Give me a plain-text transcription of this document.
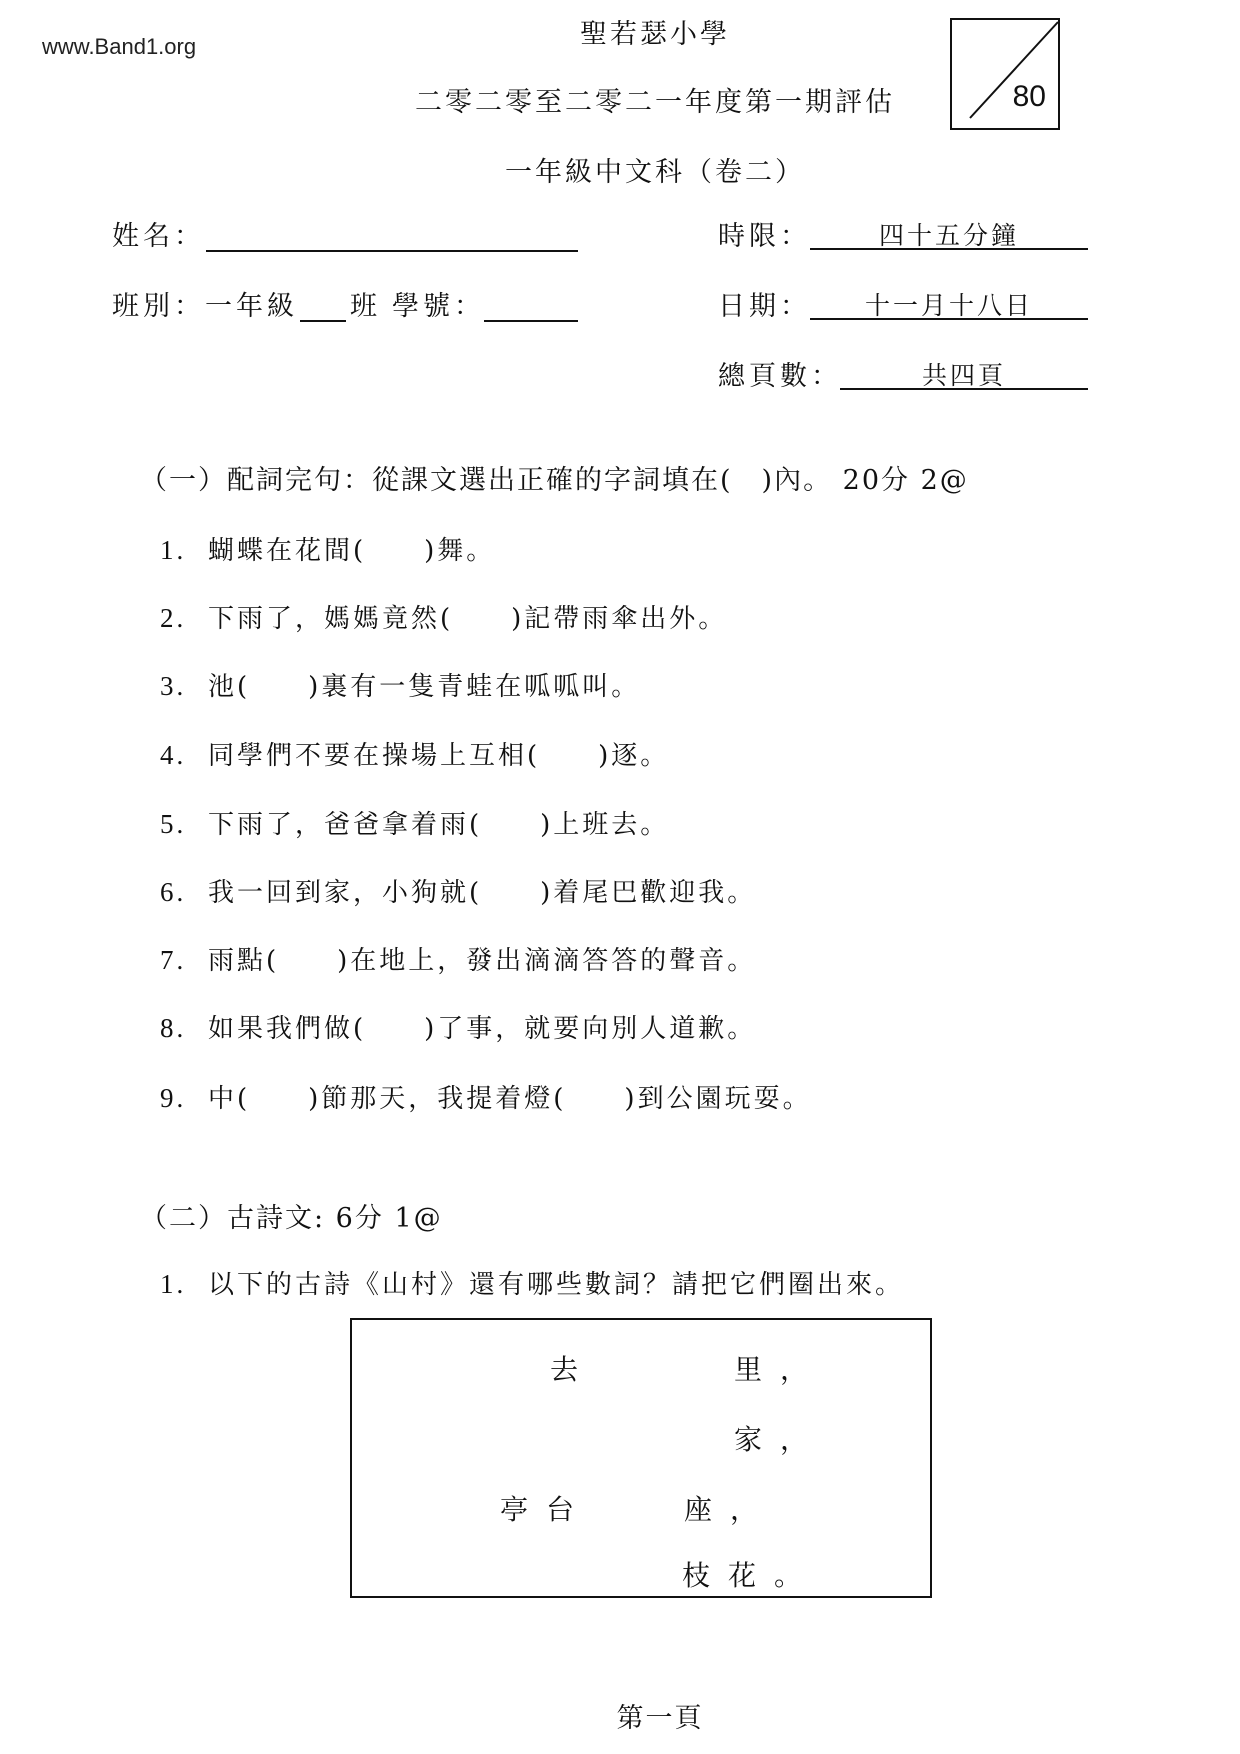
www.Band1.org	聖若瑟小學
二零二零至二零二一年度第一期評估
一年級中文科（卷二）
80
姓名：
班別：一年級 班 學號：
時限：	四十五分鐘
日期：	十一月十八日
總頁數：	共四頁
（一）配詞完句：從課文選出正確的字詞填在(　)內。 20分 2@
1. 蝴蝶在花間(　　)舞。
2. 下雨了，媽媽竟然(　　)記帶雨傘出外。
3. 池(　　)裏有一隻青蛙在呱呱叫。
4. 同學們不要在操場上互相(　　)逐。
5. 下雨了，爸爸拿着雨(　　)上班去。
6. 我一回到家，小狗就(　　)着尾巴歡迎我。
7. 雨點(　　)在地上，發出滴滴答答的聲音。
8. 如果我們做(　　)了事，就要向別人道歉。
9. 中(　　)節那天，我提着燈(　　)到公園玩耍。
（二）古詩文: 6分 1@
1. 以下的古詩《山村》還有哪些數詞？請把它們圈出來。
去　　　里，
　　　　家，
亭台　　座，
　　枝花。
第一頁
